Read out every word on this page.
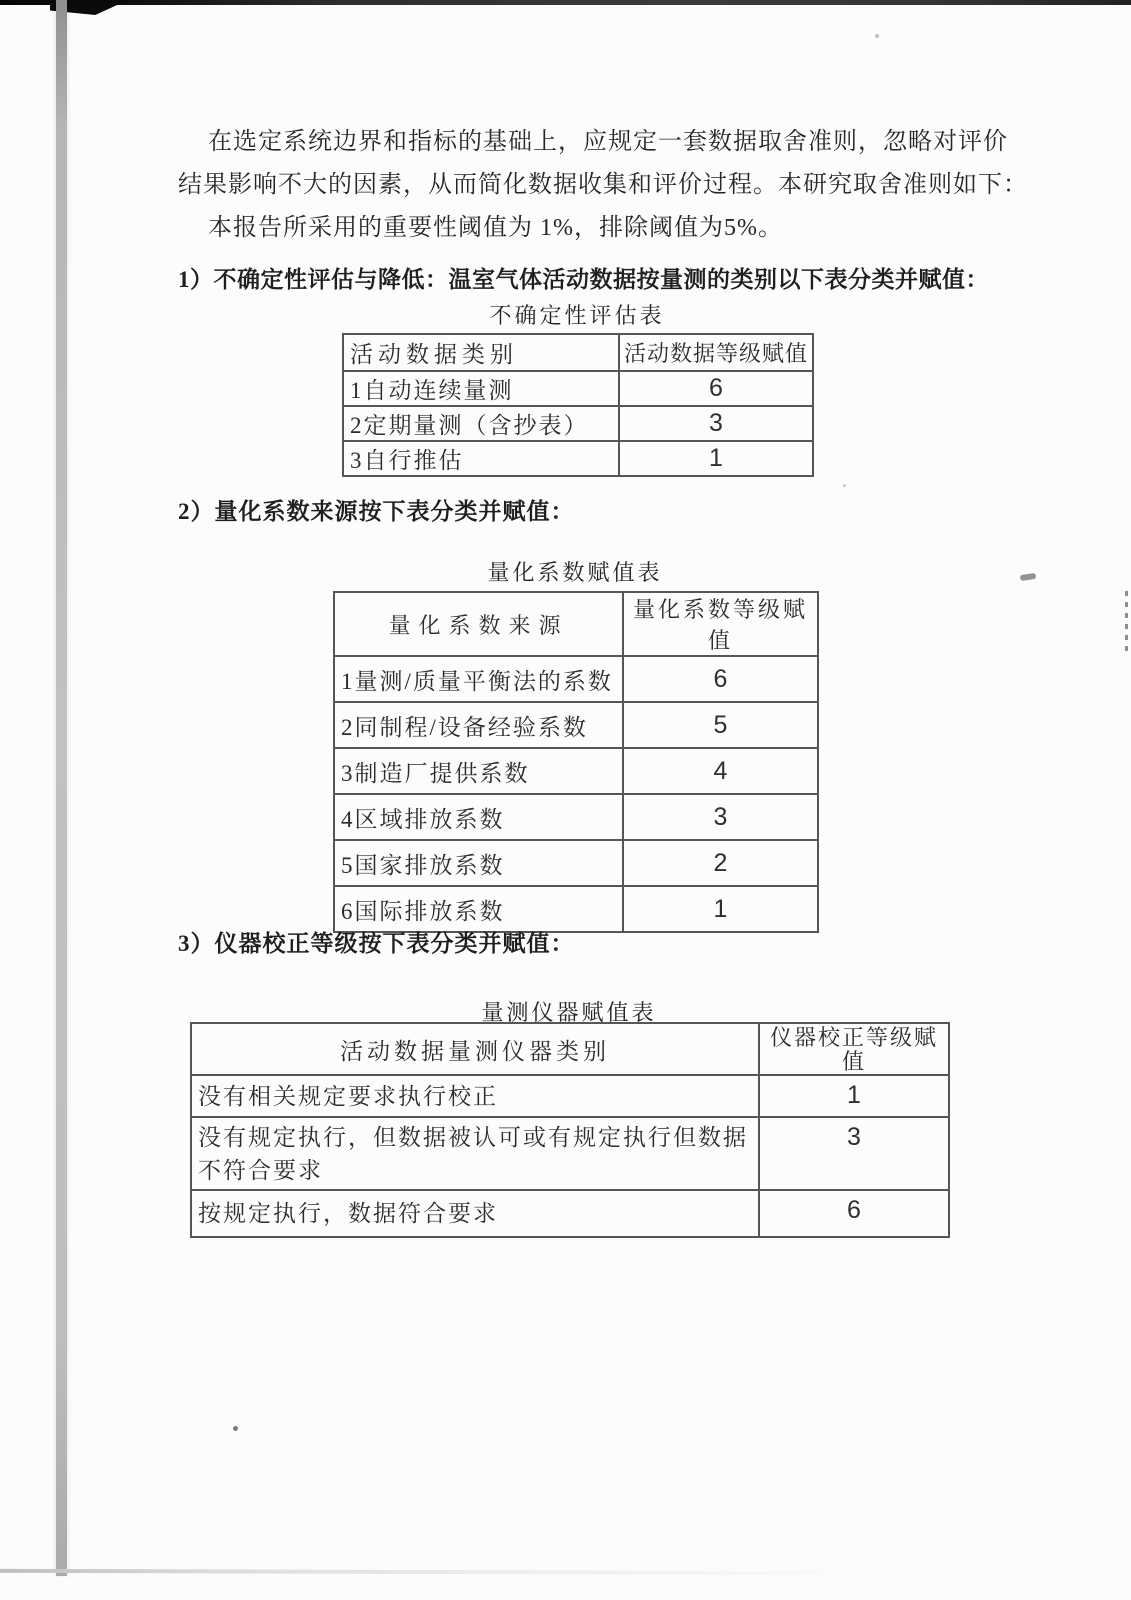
在选定系统边界和指标的基础上，应规定一套数据取舍准则，忽略对评价
结果影响不大的因素，从而简化数据收集和评价过程。本研究取舍准则如下：
本报告所采用的重要性阈值为 1%，排除阈值为5%。
1）不确定性评估与降低：温室气体活动数据按量测的类别以下表分类并赋值：
不确定性评估表
活动数据类别	活动数据等级赋值
1自动连续量测	6
2定期量测（含抄表）	3
3自行推估	1
2）量化系数来源按下表分类并赋值：
量化系数赋值表
量化系数来源	量化系数等级赋值
1量测/质量平衡法的系数	6
2同制程/设备经验系数	5
3制造厂提供系数	4
4区域排放系数	3
5国家排放系数	2
6国际排放系数	1
3）仪器校正等级按下表分类并赋值：
量测仪器赋值表
活动数据量测仪器类别	仪器校正等级赋
值

没有相关规定要求执行校正	1
没有规定执行，但数据被认可或有规定执行但数据不符合要求	3
按规定执行，数据符合要求	6
